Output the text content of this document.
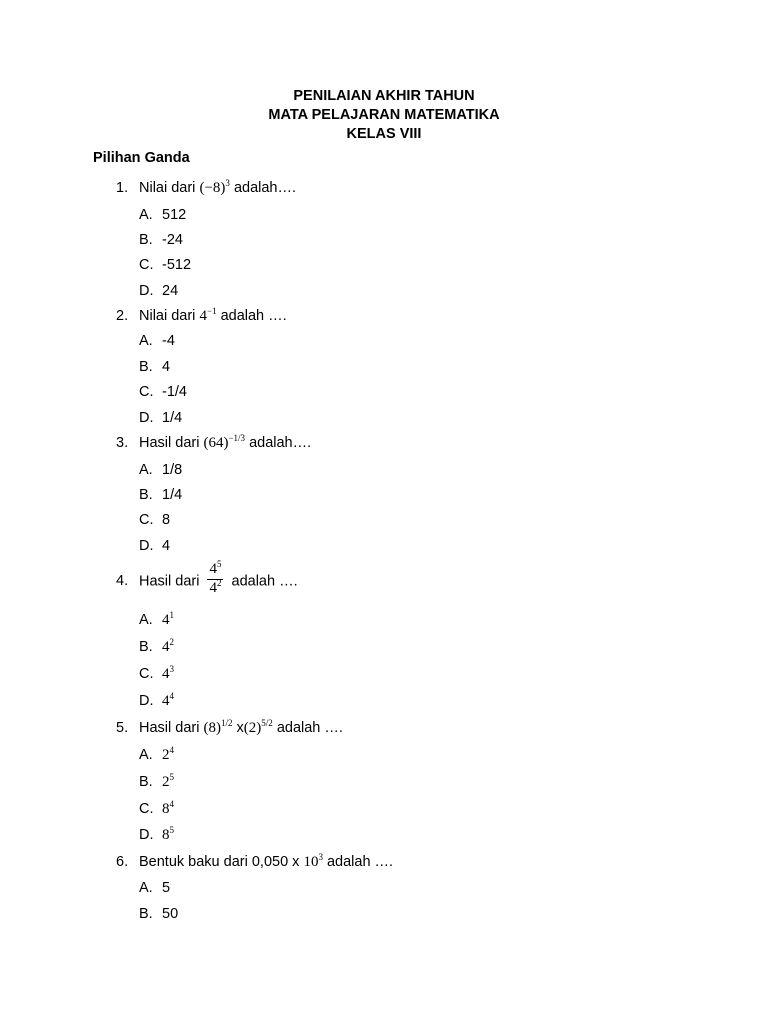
PENILAIAN AKHIR TAHUN
MATA PELAJARAN MATEMATIKA
KELAS VIII
Pilihan Ganda
1. Nilai dari $(-8)^3$ adalah….
A. 512
B. -24
C. -512
D. 24
2. Nilai dari $4^{-1}$ adalah ….
A. -4
B. 4
C. -1/4
D. 1/4
3. Hasil dari $(64)^{-1/3}$ adalah….
A. 1/8
B. 1/4
C. 8
D. 4
4. Hasil dari $\frac{4^5}{4^2}$ adalah ….
A. $4^1$
B. $4^2$
C. $4^3$
D. $4^4$
5. Hasil dari $(8)^{1/2}$ $x(2)^{5/2}$ adalah ….
A. $2^4$
B. $2^5$
C. $8^4$
D. $8^5$
6. Bentuk baku dari 0,050 x $10^3$ adalah ….
A. 5
B. 50
